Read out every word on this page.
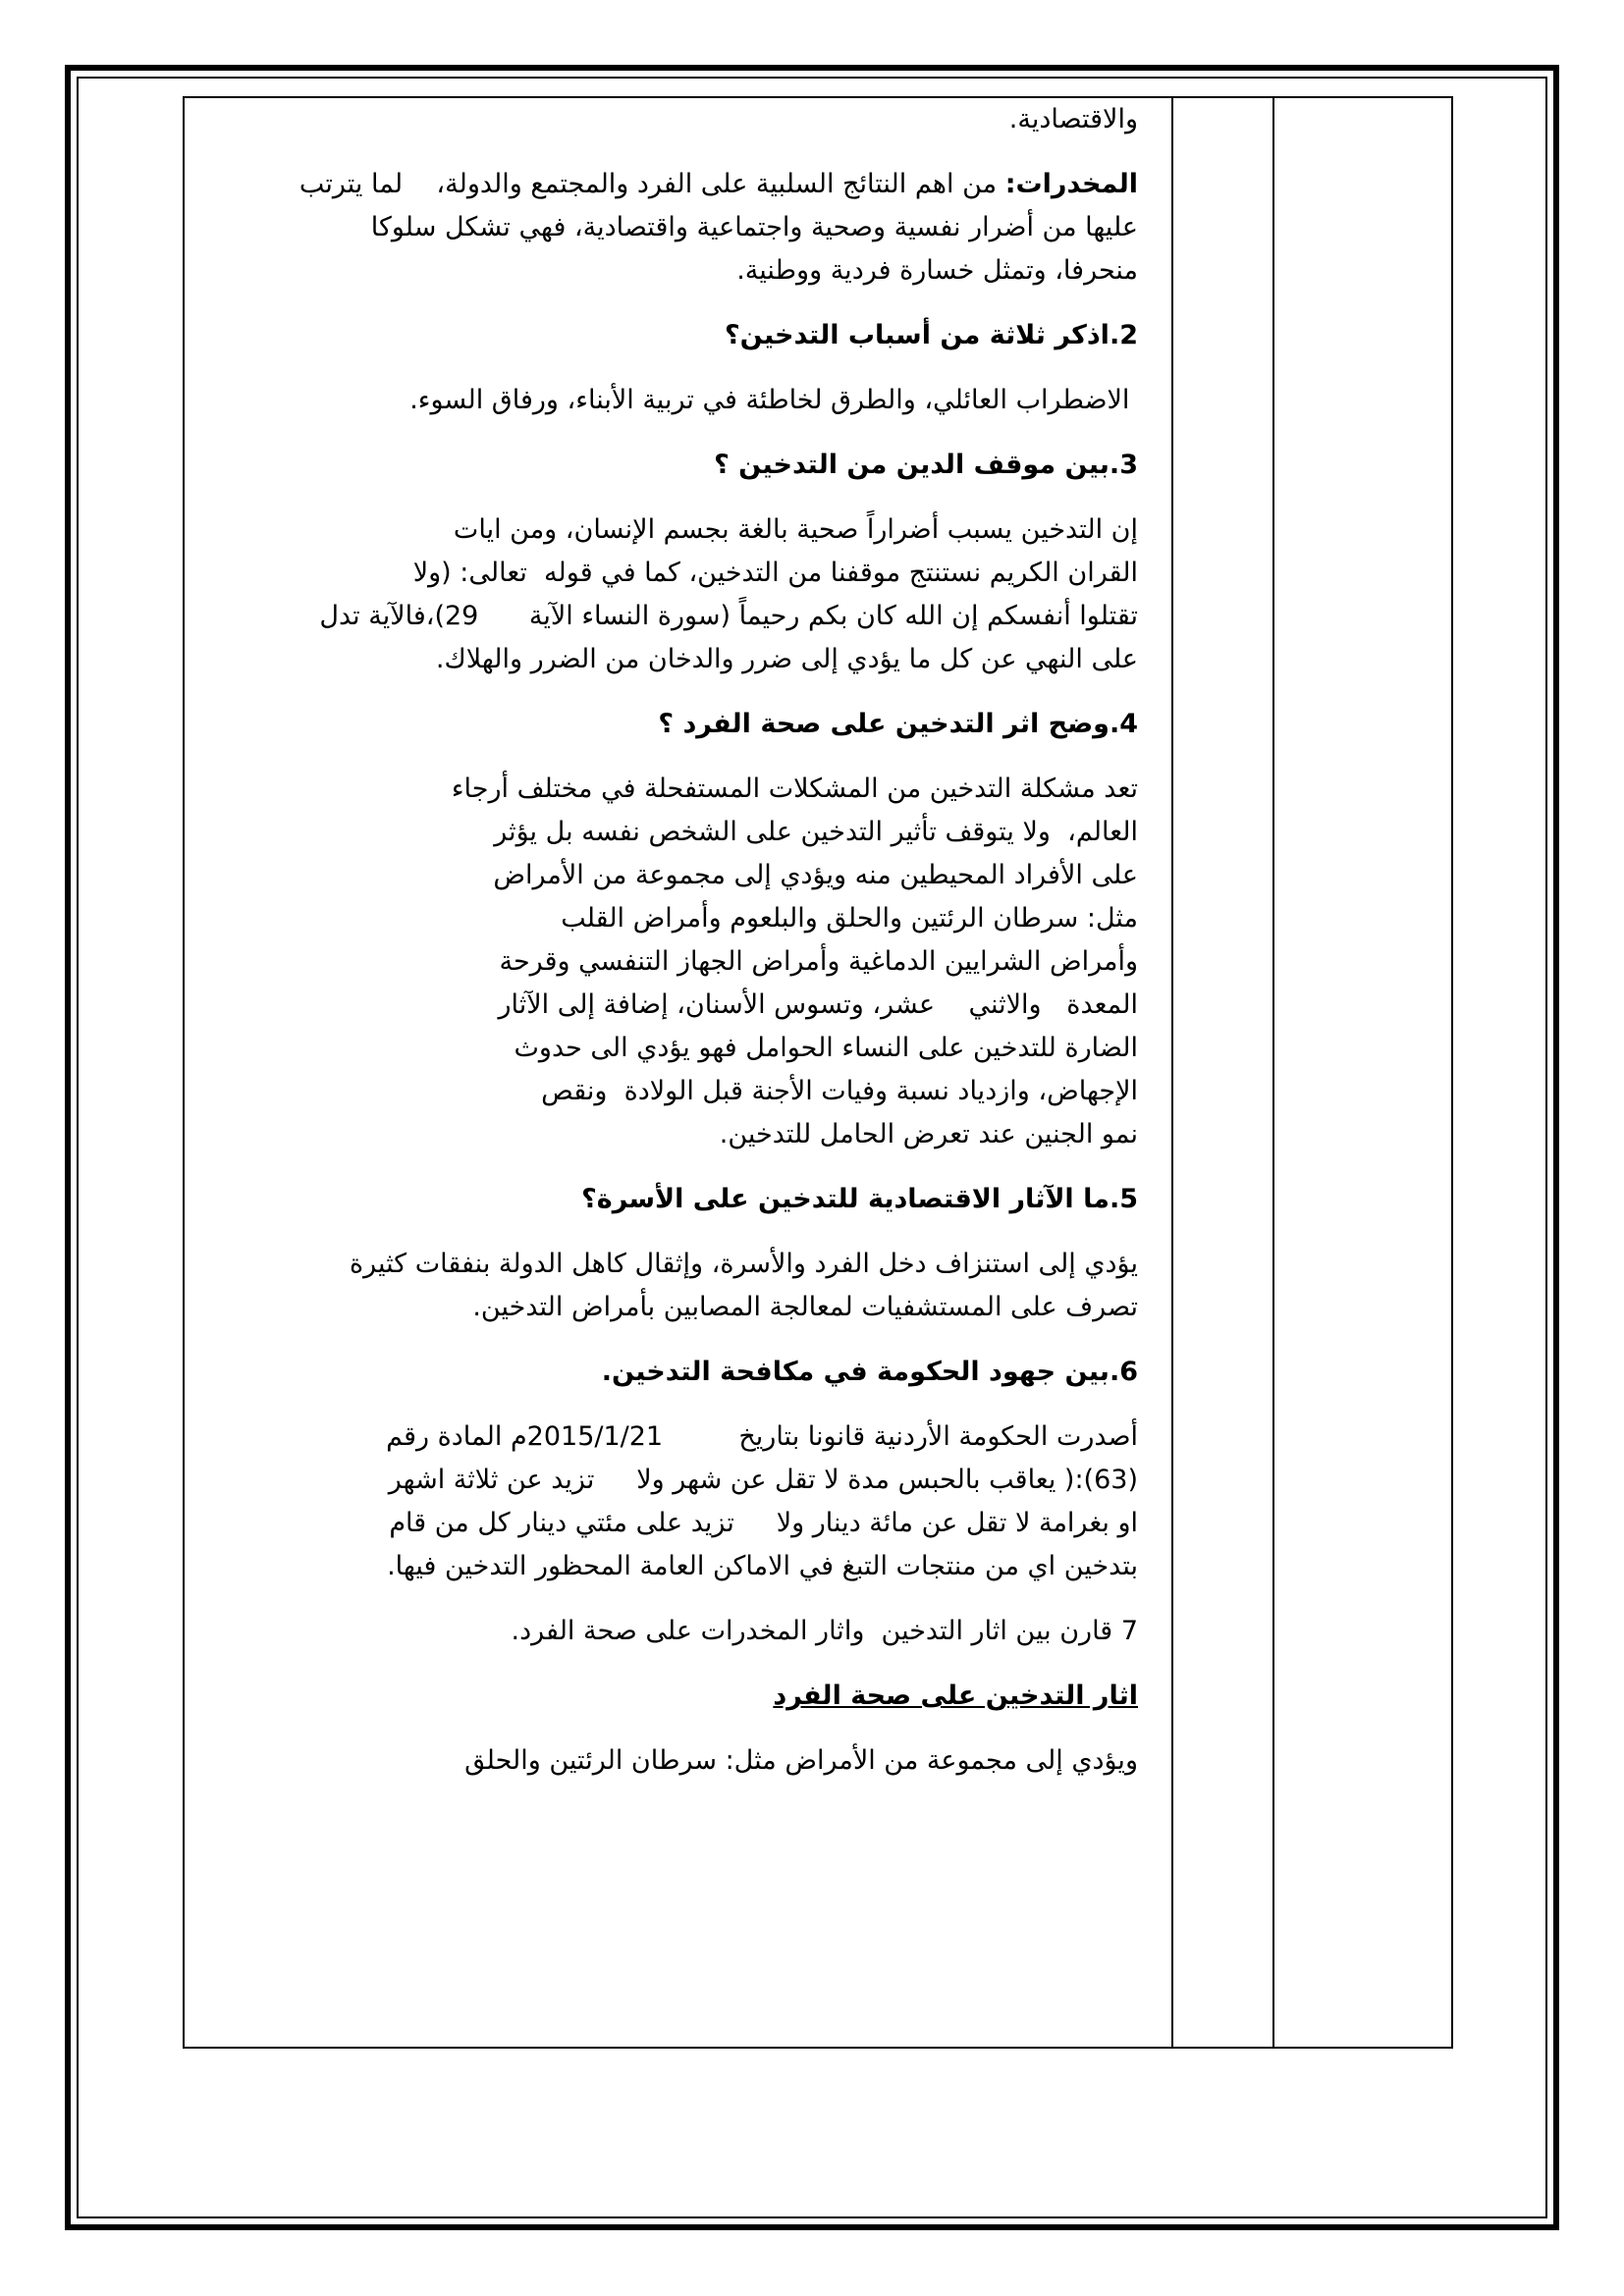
والاقتصادية.

المخدرات: من اهم النتائج السلبية على الفرد والمجتمع والدولة،    لما يترتب

عليها من أضرار نفسية وصحية واجتماعية واقتصادية، فهي تشكل سلوكا

منحرفا، وتمثل خسارة فردية ووطنية.

2.اذكر ثلاثة من أسباب التدخين؟

الاضطراب العائلي، والطرق لخاطئة في تربية الأبناء، ورفاق السوء.

3.بين موقف الدين من التدخين ؟

إن التدخين يسبب أضراراً صحية بالغة بجسم الإنسان، ومن ايات

القران الكريم نستنتج موقفنا من التدخين، كما في قوله  تعالى: (ولا

تقتلوا أنفسكم إن الله كان بكم رحيماً (سورة النساء الآية      29)،فالآية تدل

على النهي عن كل ما يؤدي إلى ضرر والدخان من الضرر والهلاك.

4.وضح اثر التدخين على صحة الفرد ؟

تعد مشكلة التدخين من المشكلات المستفحلة في مختلف أرجاء

العالم،  ولا يتوقف تأثير التدخين على الشخص نفسه بل يؤثر

على الأفراد المحيطين منه ويؤدي إلى مجموعة من الأمراض

مثل: سرطان الرئتين والحلق والبلعوم وأمراض القلب

وأمراض الشرايين الدماغية وأمراض الجهاز التنفسي وقرحة

المعدة   والاثني    عشر، وتسوس الأسنان، إضافة إلى الآثار

الضارة للتدخين على النساء الحوامل فهو يؤدي الى حدوث

الإجهاض، وازدياد نسبة وفيات الأجنة قبل الولادة  ونقص

نمو الجنين عند تعرض الحامل للتدخين.

5.ما الآثار الاقتصادية للتدخين على الأسرة؟

يؤدي إلى استنزاف دخل الفرد والأسرة، وإثقال كاهل الدولة بنفقات كثيرة

تصرف على المستشفيات لمعالجة المصابين بأمراض التدخين.

6.بين جهود الحكومة في مكافحة التدخين.

أصدرت الحكومة الأردنية قانونا بتاريخ         2015/1/21م المادة رقم

(63):( يعاقب بالحبس مدة لا تقل عن شهر ولا     تزيد عن ثلاثة اشهر

او بغرامة لا تقل عن مائة دينار ولا     تزيد على مئتي دينار كل من قام

بتدخين اي من منتجات التبغ في الاماكن العامة المحظور التدخين فيها.

7 قارن بين اثار التدخين  واثار المخدرات على صحة الفرد.

اثار التدخين على صحة الفرد

ويؤدي إلى مجموعة من الأمراض مثل: سرطان الرئتين والحلق
